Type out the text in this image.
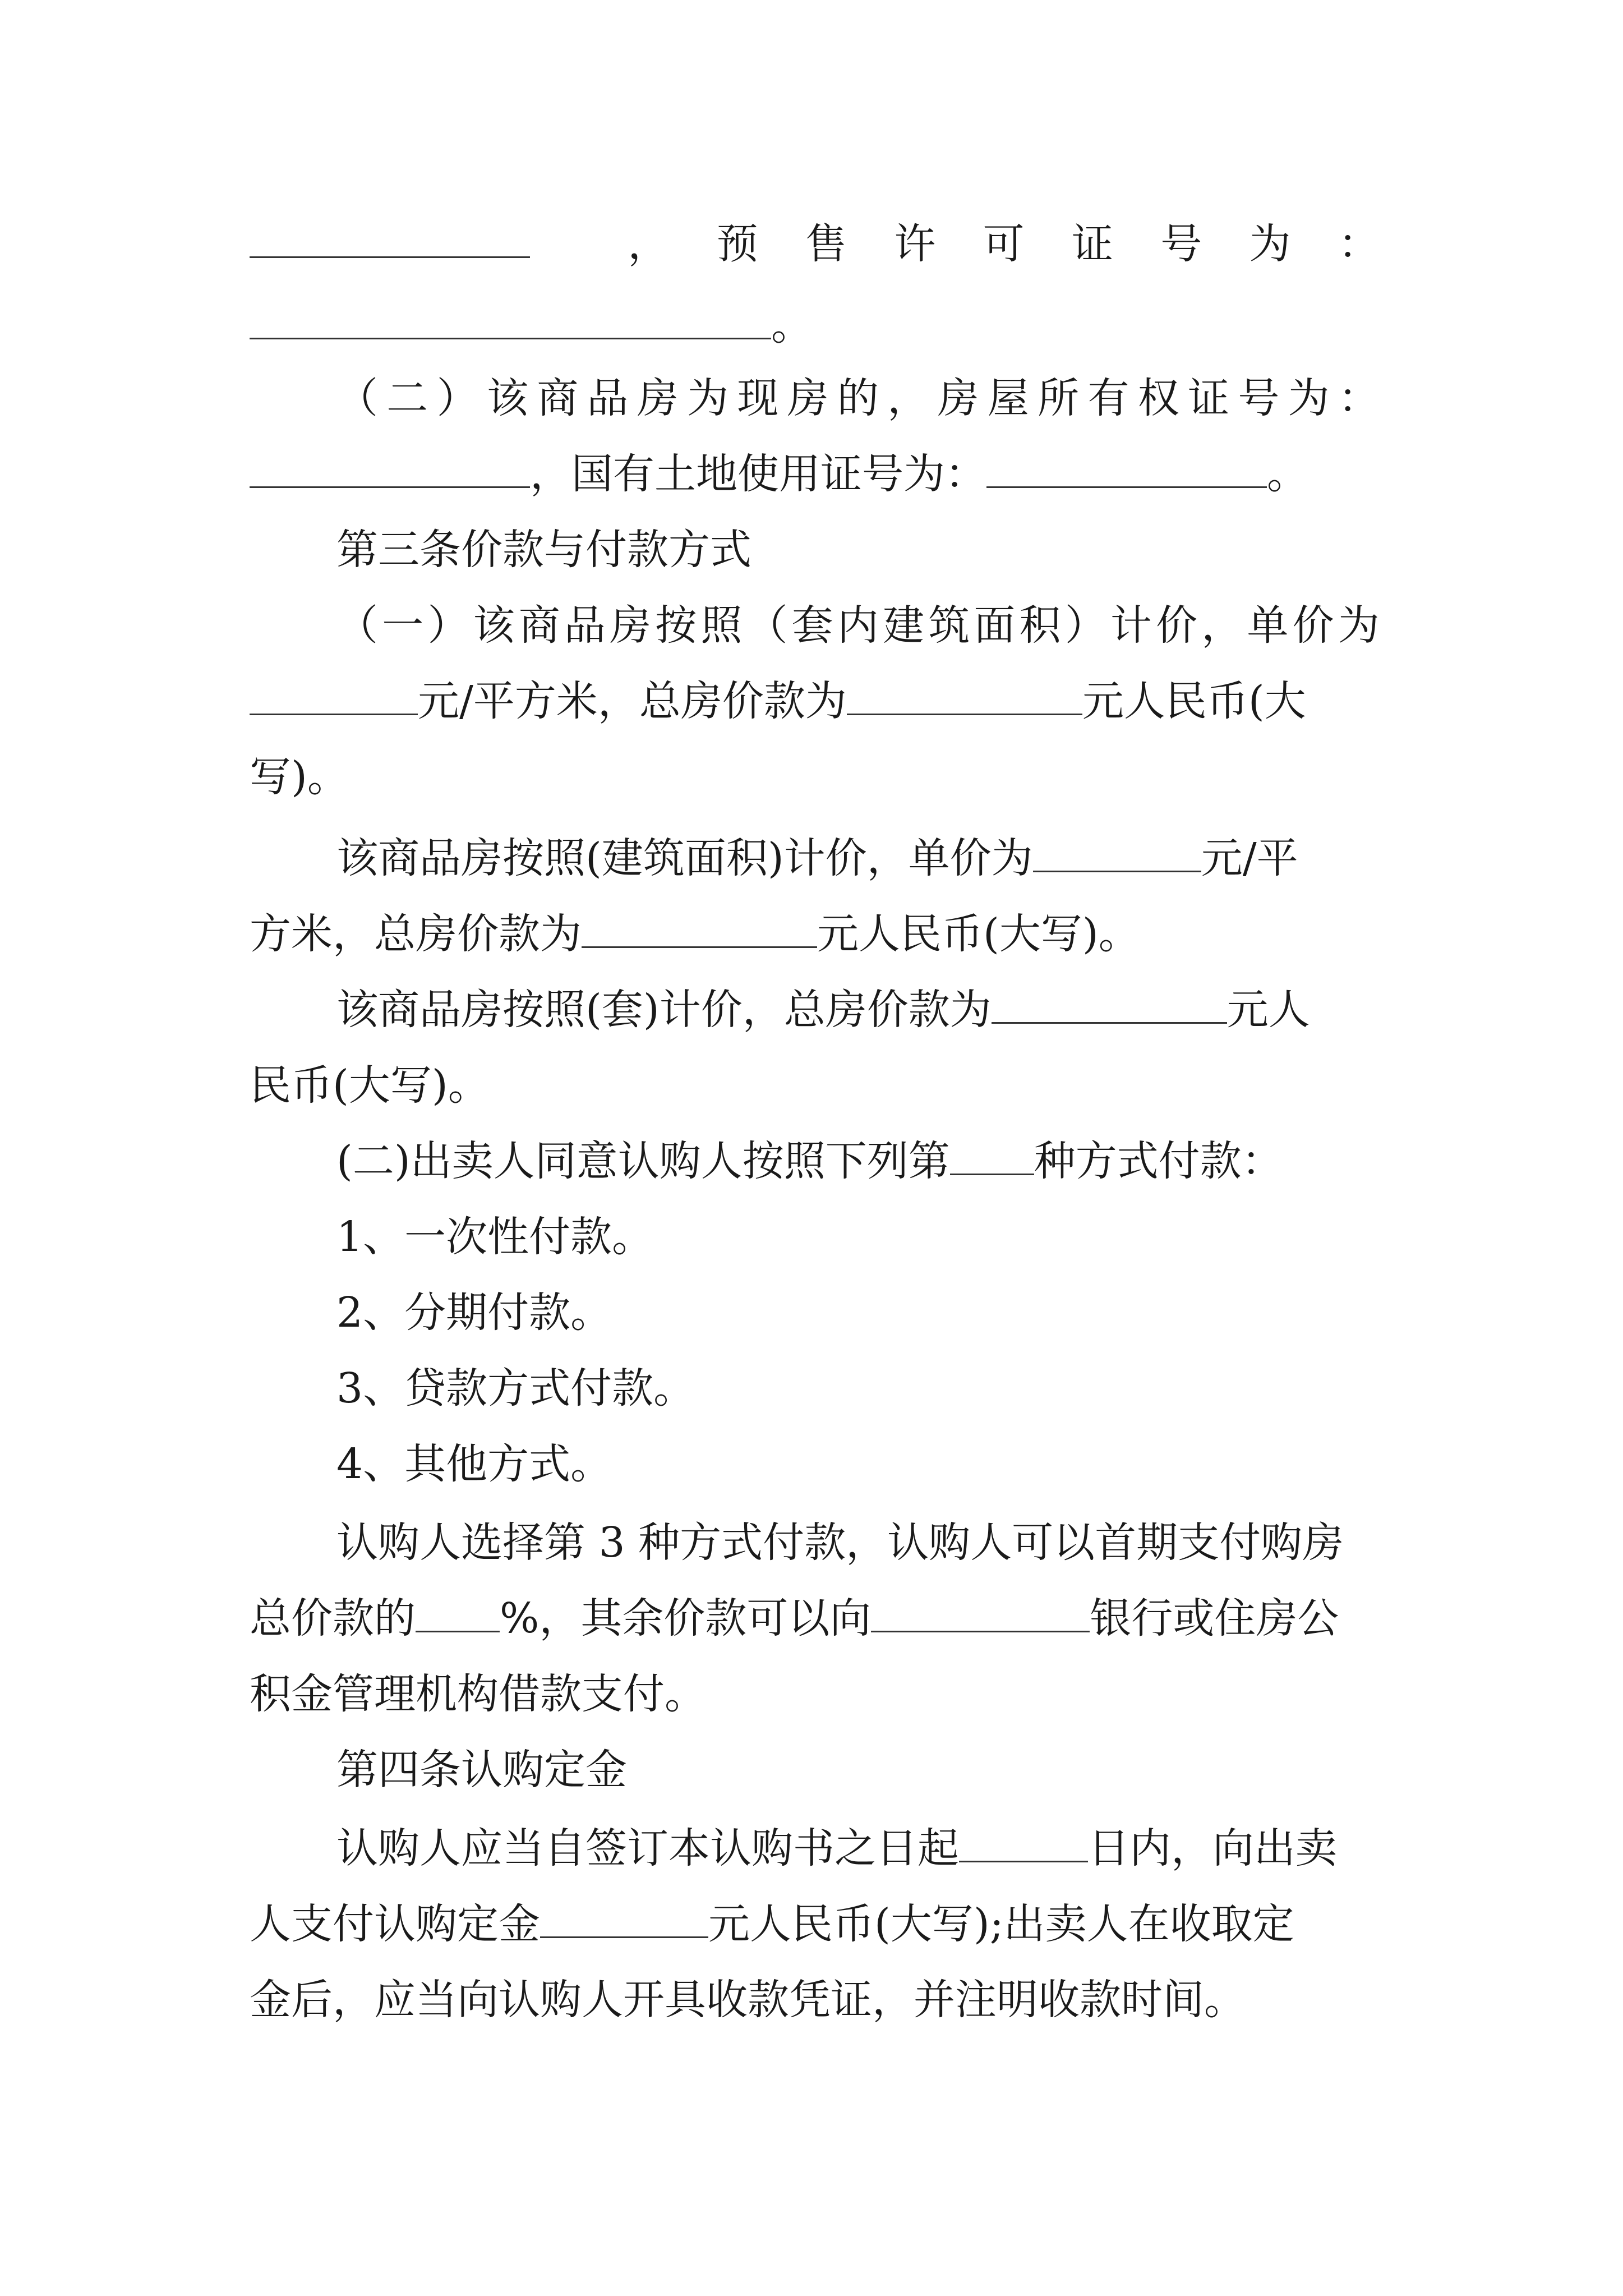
， 预 售 许 可 证 号 为 ：
。
（ 二 ） 该 商 品 房 为 现 房 的 ， 房 屋 所 有 权 证 号 为 ：
，国有土地使用证号为：	。
第三条价款与付款方式
（ 一 ） 该 商 品 房 按 照 （ 套 内 建 筑 面 积 ） 计 价 ， 单 价 为
元/平方米，总房价款为	元人民币(大
写)。
该商品房按照(建筑面积)计价，单价为	元/平
方米，总房价款为	元人民币(大写)。
该商品房按照(套)计价，总房价款为	元人
民币(大写)。
(二)出卖人同意认购人按照下列第 种方式付款：
1、一次性付款。
2、分期付款。
3、贷款方式付款。
4、其他方式。
认购人选择第 3 种方式付款，认购人可以首期支付购房
总价款的 %，其余价款可以向	银行或住房公
积金管理机构借款支付。
第四条认购定金
认购人应当自签订本认购书之日起	日内，向出卖
人支付认购定金	元人民币(大写);出卖人在收取定
金后，应当向认购人开具收款凭证，并注明收款时间。
